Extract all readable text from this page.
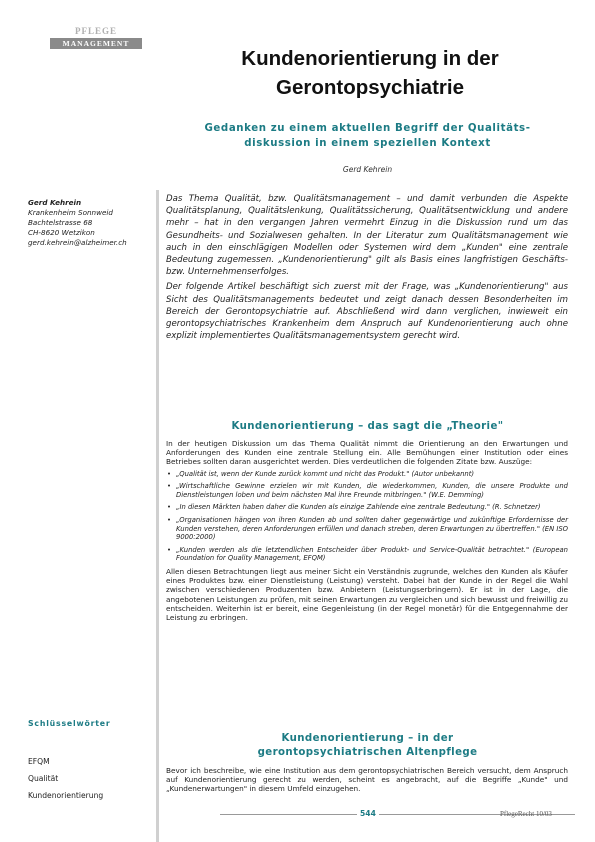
PFLEGE
MANAGEMENT
Kundenorientierung in der
Gerontopsychiatrie
Gedanken zu einem aktuellen Begriff der Qualitäts-
diskussion in einem speziellen Kontext
Gerd Kehrein
Gerd Kehrein
Krankenheim Sonnweid
Bachtelstrasse 68
CH-8620 Wetzikon
gerd.kehrein@alzheimer.ch

Das Thema Qualität, bzw. Qualitätsmanagement – und damit verbunden die Aspekte Qualitätsplanung, Qualitätslenkung, Qualitätssicherung, Qualitätsentwicklung und andere mehr – hat in den vergangen Jahren vermehrt Einzug in die Diskussion rund um das Gesundheits- und Sozialwesen gehalten. In der Literatur zum Qualitätsmanagement wie auch in den einschlägigen Modellen oder Systemen wird dem „Kunden" eine zentrale Bedeutung zugemessen. „Kundenorientierung" gilt als Basis eines langfristigen Geschäfts- bzw. Unternehmenserfolges.

Der folgende Artikel beschäftigt sich zuerst mit der Frage, was „Kundenorientierung" aus Sicht des Qualitätsmanagements bedeutet und zeigt danach dessen Besonderheiten im Bereich der Gerontopsychiatrie auf. Abschließend wird dann verglichen, inwieweit ein gerontopsychiatrisches Krankenheim dem Anspruch auf Kundenorientierung auch ohne explizit implementiertes Qualitätsmanagementsystem gerecht wird.

Kundenorientierung – das sagt die „Theorie"

In der heutigen Diskussion um das Thema Qualität nimmt die Orientierung an den Erwartungen und Anforderungen des Kunden eine zentrale Stellung ein. Alle Bemühungen einer Institution oder eines Betriebes sollten daran ausgerichtet werden. Dies verdeutlichen die folgenden Zitate bzw. Auszüge:

• „Qualität ist, wenn der Kunde zurück kommt und nicht das Produkt." (Autor unbekannt)
• „Wirtschaftliche Gewinne erzielen wir mit Kunden, die wiederkommen, Kunden, die unsere Produkte und Dienstleistungen loben und beim nächsten Mal ihre Freunde mitbringen." (W.E. Demming)
• „In diesen Märkten haben daher die Kunden als einzige Zahlende eine zentrale Bedeutung." (R. Schnetzer)
• „Organisationen hängen von ihren Kunden ab und sollten daher gegenwärtige und zukünftige Erfordernisse der Kunden verstehen, deren Anforderungen erfüllen und danach streben, deren Erwartungen zu übertreffen." (EN ISO 9000:2000)
• „Kunden werden als die letztendlichen Entscheider über Produkt- und Service-Qualität betrachtet." (European Foundation for Quality Management, EFQM)

Allen diesen Betrachtungen liegt aus meiner Sicht ein Verständnis zugrunde, welches den Kunden als Käufer eines Produktes bzw. einer Dienstleistung (Leistung) versteht. Dabei hat der Kunde in der Regel die Wahl zwischen verschiedenen Produzenten bzw. Anbietern (Leistungserbringern). Er ist in der Lage, die angebotenen Leistungen zu prüfen, mit seinen Erwartungen zu vergleichen und sich bewusst und freiwillig zu entscheiden. Weiterhin ist er bereit, eine Gegenleistung (in der Regel monetär) für die Entgegennahme der Leistung zu erbringen.

Kundenorientierung – in der
gerontopsychiatrischen Altenpflege
Bevor ich beschreibe, wie eine Institution aus dem gerontopsychiatrischen Bereich versucht, dem Anspruch auf Kundenorientierung gerecht zu werden, scheint es angebracht, auf die Begriffe „Kunde" und „Kundenerwartungen" in diesem Umfeld einzugehen.
Schlüsselwörter
EFQM
Qualität
Kundenorientierung
544	PflegeRecht 10/03
